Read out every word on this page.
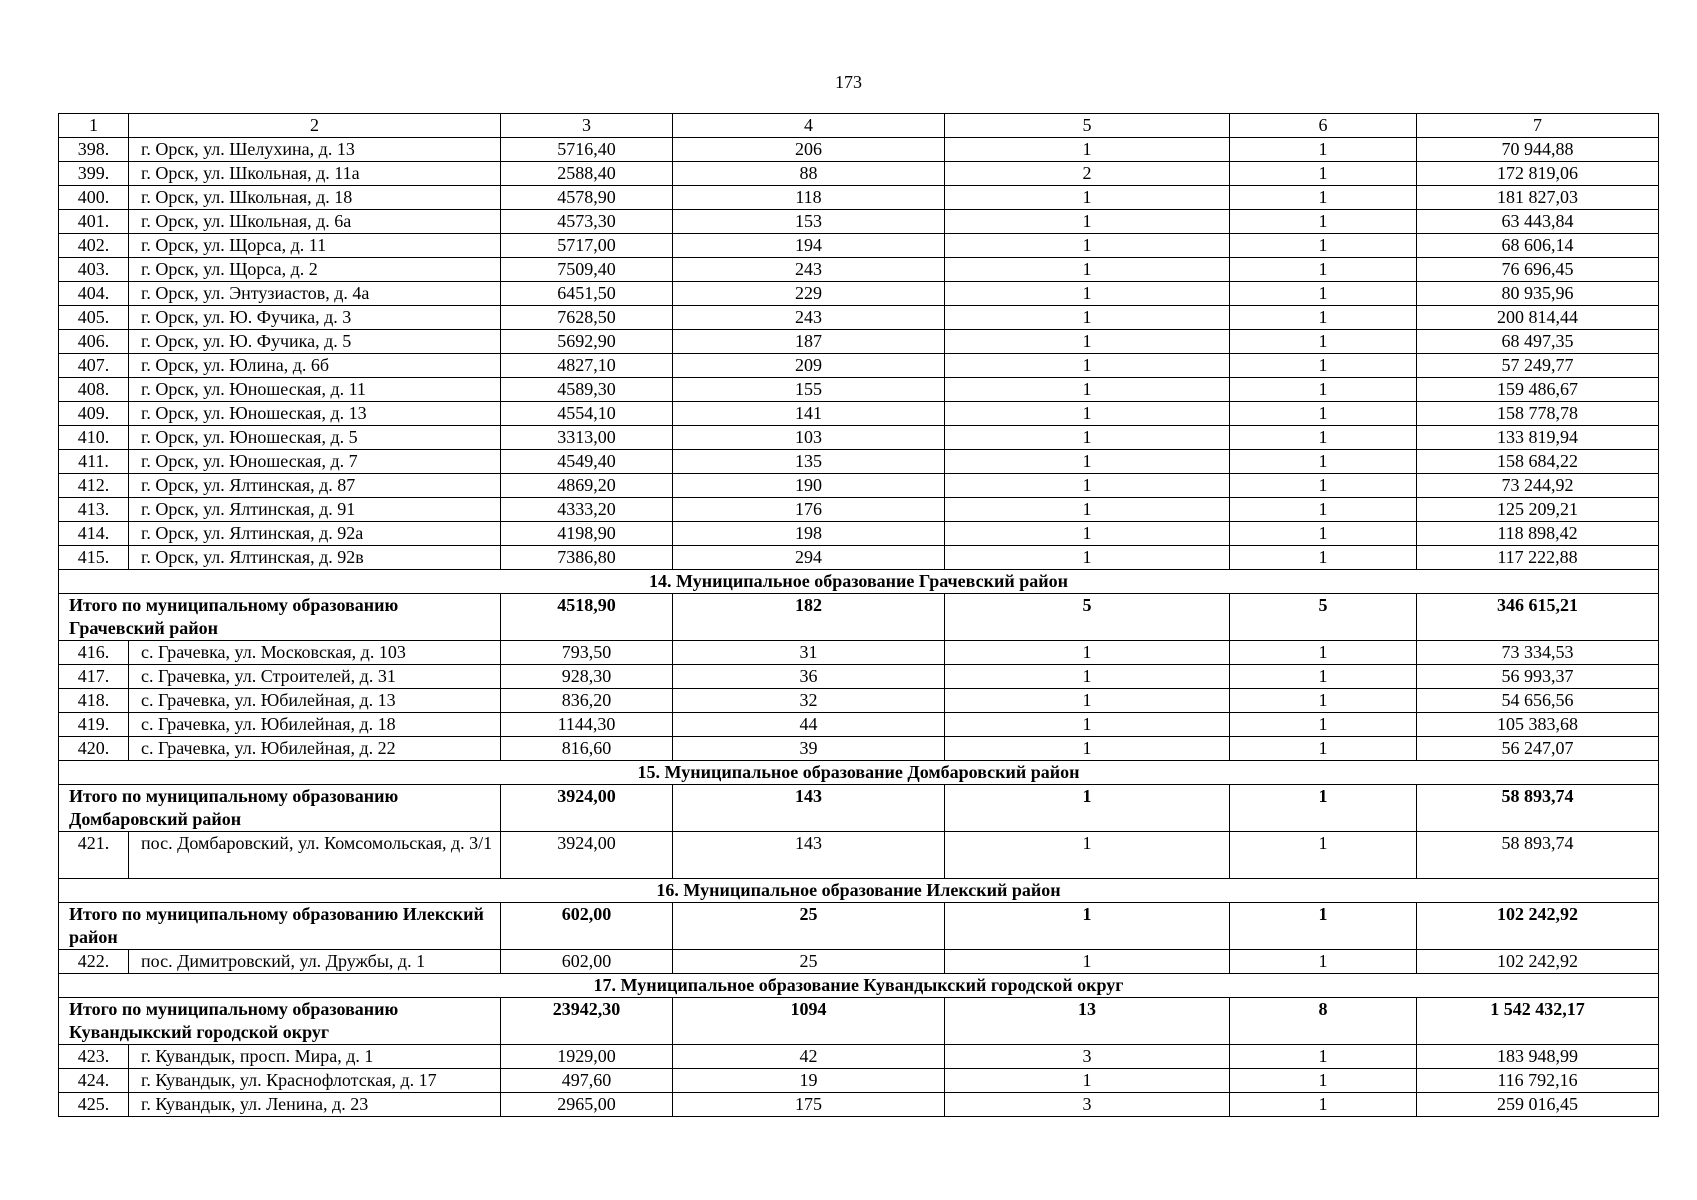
173
1	2	3	4	5	6	7
398.	г. Орск, ул. Шелухина, д. 13	5716,40	206	1	1	70 944,88
399.	г. Орск, ул. Школьная, д. 11а	2588,40	88	2	1	172 819,06
400.	г. Орск, ул. Школьная, д. 18	4578,90	118	1	1	181 827,03
401.	г. Орск, ул. Школьная, д. 6а	4573,30	153	1	1	63 443,84
402.	г. Орск, ул. Щорса, д. 11	5717,00	194	1	1	68 606,14
403.	г. Орск, ул. Щорса, д. 2	7509,40	243	1	1	76 696,45
404.	г. Орск, ул. Энтузиастов, д. 4а	6451,50	229	1	1	80 935,96
405.	г. Орск, ул. Ю. Фучика, д. 3	7628,50	243	1	1	200 814,44
406.	г. Орск, ул. Ю. Фучика, д. 5	5692,90	187	1	1	68 497,35
407.	г. Орск, ул. Юлина, д. 6б	4827,10	209	1	1	57 249,77
408.	г. Орск, ул. Юношеская, д. 11	4589,30	155	1	1	159 486,67
409.	г. Орск, ул. Юношеская, д. 13	4554,10	141	1	1	158 778,78
410.	г. Орск, ул. Юношеская, д. 5	3313,00	103	1	1	133 819,94
411.	г. Орск, ул. Юношеская, д. 7	4549,40	135	1	1	158 684,22
412.	г. Орск, ул. Ялтинская, д. 87	4869,20	190	1	1	73 244,92
413.	г. Орск, ул. Ялтинская, д. 91	4333,20	176	1	1	125 209,21
414.	г. Орск, ул. Ялтинская, д. 92а	4198,90	198	1	1	118 898,42
415.	г. Орск, ул. Ялтинская, д. 92в	7386,80	294	1	1	117 222,88
14. Муниципальное образование Грачевский район						
Итого по муниципальному образованию Грачевский район		4518,90	182	5	5	346 615,21
416.	с. Грачевка, ул. Московская, д. 103	793,50	31	1	1	73 334,53
417.	с. Грачевка, ул. Строителей, д. 31	928,30	36	1	1	56 993,37
418.	с. Грачевка, ул. Юбилейная, д. 13	836,20	32	1	1	54 656,56
419.	с. Грачевка, ул. Юбилейная, д. 18	1144,30	44	1	1	105 383,68
420.	с. Грачевка, ул. Юбилейная, д. 22	816,60	39	1	1	56 247,07
15. Муниципальное образование Домбаровский район						
Итого по муниципальному образованию Домбаровский район		3924,00	143	1	1	58 893,74
421.	пос. Домбаровский, ул. Комсомольская, д. 3/1	3924,00	143	1	1	58 893,74
16. Муниципальное образование Илекский район						
Итого по муниципальному образованию Илекский район		602,00	25	1	1	102 242,92
422.	пос. Димитровский, ул. Дружбы, д. 1	602,00	25	1	1	102 242,92
17. Муниципальное образование Кувандыкский городской округ						
Итого по муниципальному образованию Кувандыкский городской округ		23942,30	1094	13	8	1 542 432,17
423.	г. Кувандык, просп. Мира, д. 1	1929,00	42	3	1	183 948,99
424.	г. Кувандык, ул. Краснофлотская, д. 17	497,60	19	1	1	116 792,16
425.	г. Кувандык, ул. Ленина, д. 23	2965,00	175	3	1	259 016,45
